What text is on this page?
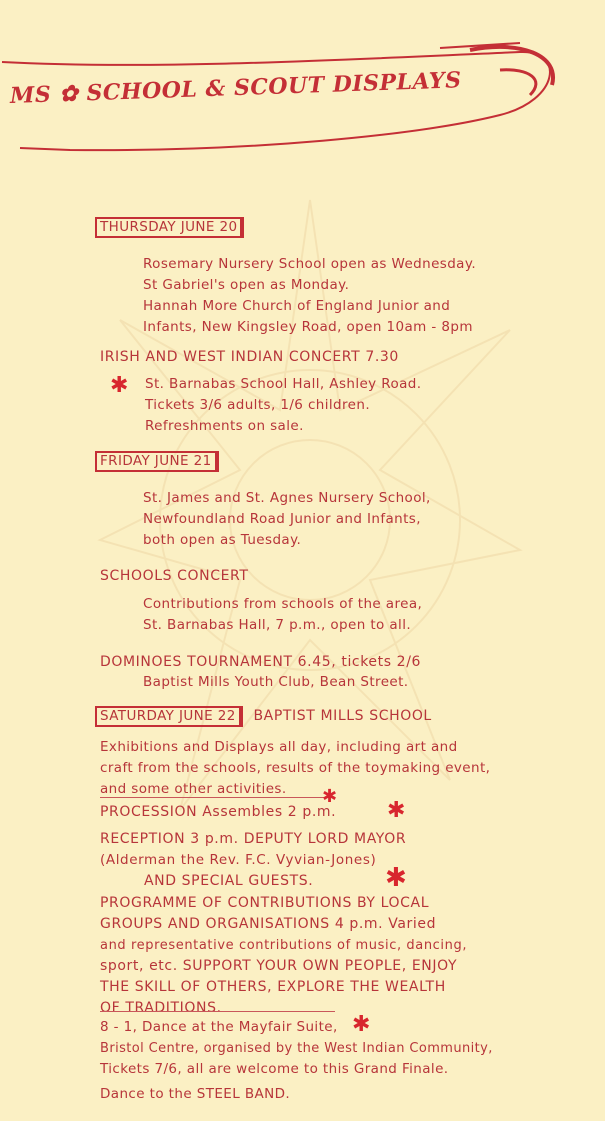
MS ✿ SCHOOL & SCOUT DISPLAYS
THURSDAY JUNE 20
Rosemary Nursery School open as Wednesday.
St Gabriel's open as Monday.
Hannah More Church of England Junior and
Infants, New Kingsley Road, open 10am - 8pm
IRISH AND WEST INDIAN CONCERT 7.30
✱ St. Barnabas School Hall, Ashley Road.
Tickets 3/6 adults, 1/6 children.
Refreshments on sale.
FRIDAY JUNE 21
St. James and St. Agnes Nursery School,
Newfoundland Road Junior and Infants,
both open as Tuesday.
SCHOOLS CONCERT
Contributions from schools of the area,
St. Barnabas Hall, 7 p.m., open to all.
DOMINOES TOURNAMENT 6.45, tickets 2/6
Baptist Mills Youth Club, Bean Street.
SATURDAY JUNE 22 BAPTIST MILLS SCHOOL
Exhibitions and Displays all day, including art and
craft from the schools, results of the toymaking event,
and some other activities.	✱
PROCESSION Assembles 2 p.m. ✱
RECEPTION 3 p.m. DEPUTY LORD MAYOR
(Alderman the Rev. F.C. Vyvian-Jones)
AND SPECIAL GUESTS.	✱
PROGRAMME OF CONTRIBUTIONS BY LOCAL
GROUPS AND ORGANISATIONS 4 p.m. Varied
and representative contributions of music, dancing,
sport, etc. SUPPORT YOUR OWN PEOPLE, ENJOY
THE SKILL OF OTHERS, EXPLORE THE WEALTH
OF TRADITIONS.
8 - 1, Dance at the Mayfair Suite,
Bristol Centre, organised by the West Indian Community,
Tickets 7/6, all are welcome to this Grand Finale.
✱
Dance to the STEEL BAND.
